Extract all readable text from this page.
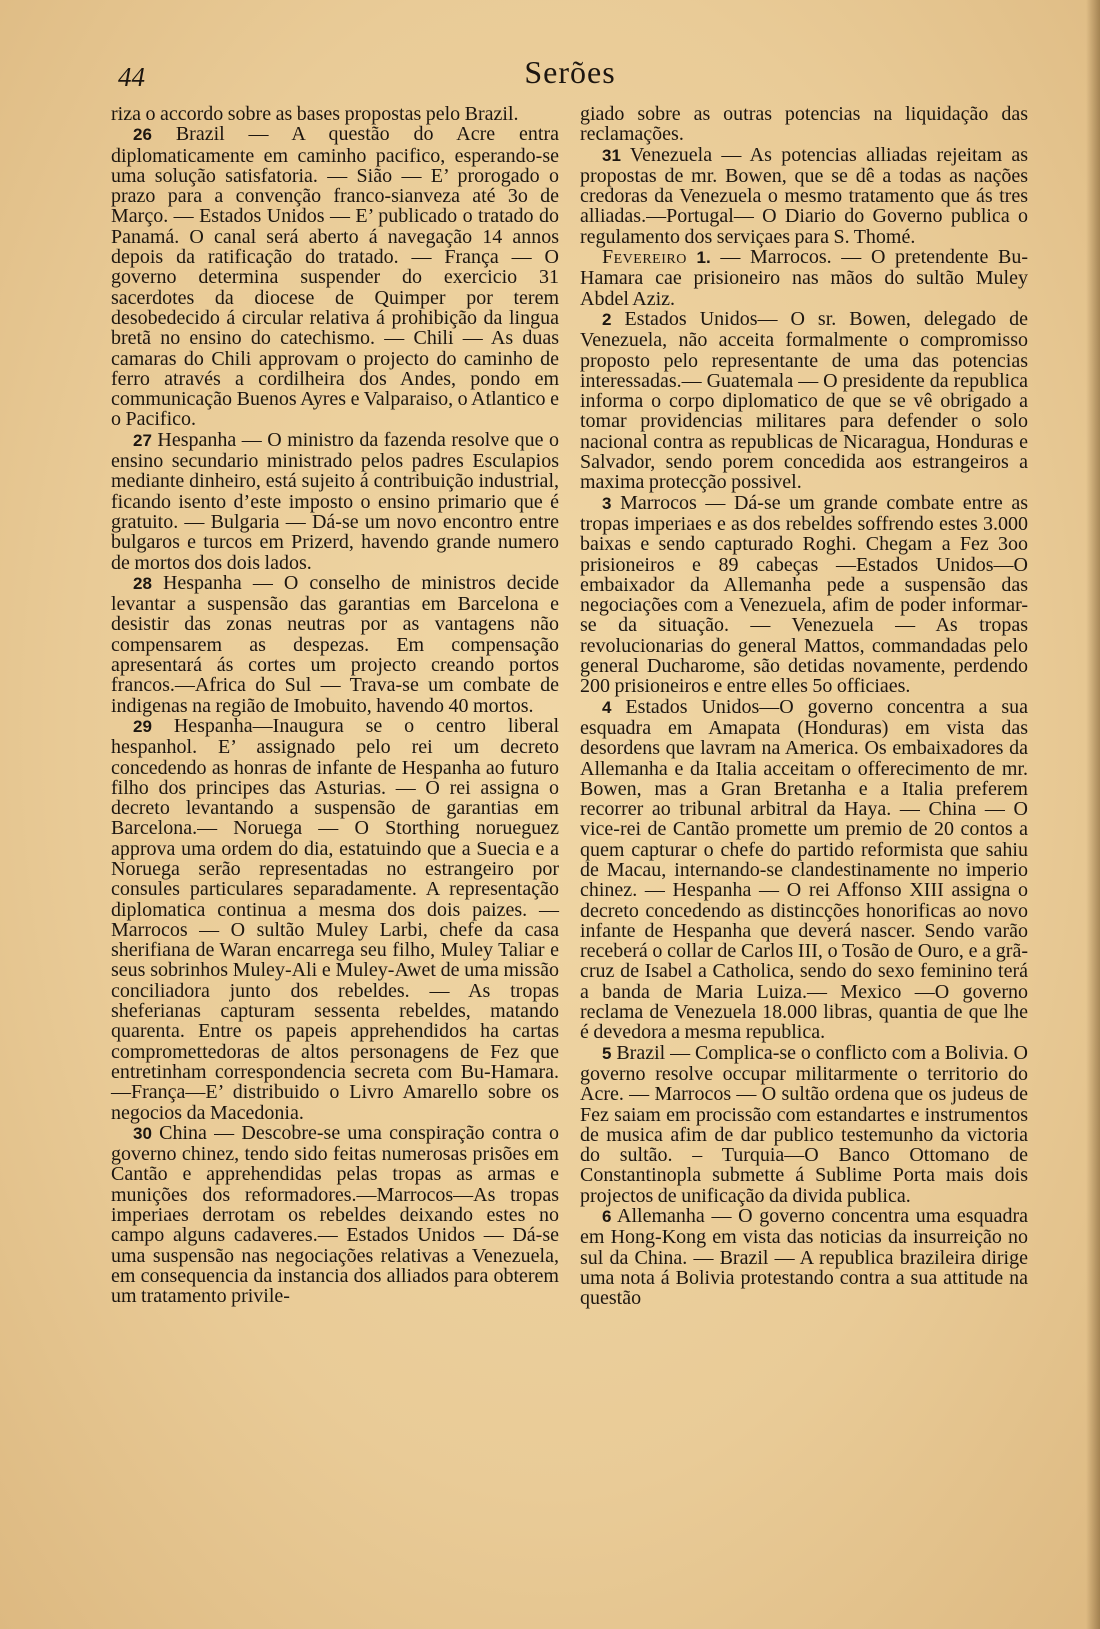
44	Serões

riza o accordo sobre as bases propostas pelo Brazil.

26 Brazil — A questão do Acre entra diplomaticamente em caminho pacifico, esperando-se uma solução satisfatoria. — Sião — E’ prorogado o prazo para a convenção franco-sianveza até 3o de Março. — Estados Unidos — E’ publicado o tratado do Panamá. O canal será aberto á navegação 14 annos depois da ratificação do tratado. — França — O governo determina suspender do exercicio 31 sacerdotes da diocese de Quimper por terem desobedecido á circular relativa á prohibição da lingua bretã no ensino do catechismo. — Chili — As duas camaras do Chili approvam o projecto do caminho de ferro através a cordilheira dos Andes, pondo em communicação Buenos Ayres e Valparaiso, o Atlantico e o Pacifico.

27 Hespanha — O ministro da fazenda resolve que o ensino secundario ministrado pelos padres Esculapios mediante dinheiro, está sujeito á contribuição industrial, ficando isento d’este imposto o ensino primario que é gratuito. — Bulgaria — Dá-se um novo encontro entre bulgaros e turcos em Prizerd, havendo grande numero de mortos dos dois lados.

28 Hespanha — O conselho de ministros decide levantar a suspensão das garantias em Barcelona e desistir das zonas neutras por as vantagens não compensarem as despezas. Em compensação apresentará ás cortes um projecto creando portos francos.—Africa do Sul — Trava-se um combate de indigenas na região de Imobuito, havendo 40 mortos.

29 Hespanha—Inaugura se o centro liberal hespanhol. E’ assignado pelo rei um decreto concedendo as honras de infante de Hespanha ao futuro filho dos principes das Asturias. — O rei assigna o decreto levantando a suspensão de garantias em Barcelona.— Noruega — O Storthing norueguez approva uma ordem do dia, estatuindo que a Suecia e a Noruega serão representadas no estrangeiro por consules particulares separadamente. A representação diplomatica continua a mesma dos dois paizes. — Marrocos — O sultão Muley Larbi, chefe da casa sherifiana de Waran encarrega seu filho, Muley Taliar e seus sobrinhos Muley-Ali e Muley-Awet de uma missão conciliadora junto dos rebeldes. — As tropas sheferianas capturam sessenta rebeldes, matando quarenta. Entre os papeis apprehendidos ha cartas compromettedoras de altos personagens de Fez que entretinham correspondencia secreta com Bu-Hamara.—França—E’ distribuido o Livro Amarello sobre os negocios da Macedonia.

30 China — Descobre-se uma conspiração contra o governo chinez, tendo sido feitas numerosas prisões em Cantão e apprehendidas pelas tropas as armas e munições dos reformadores.—Marrocos—As tropas imperiaes derrotam os rebeldes deixando estes no campo alguns cadaveres.— Estados Unidos — Dá-se uma suspensão nas negociações relativas a Venezuela, em consequencia da instancia dos alliados para obterem um tratamento privile-

giado sobre as outras potencias na liquidação das reclamações.

31 Venezuela — As potencias alliadas rejeitam as propostas de mr. Bowen, que se dê a todas as nações credoras da Venezuela o mesmo tratamento que ás tres alliadas.—Portugal— O Diario do Governo publica o regulamento dos serviçaes para S. Thomé.

Fevereiro 1. — Marrocos. — O pretendente Bu-Hamara cae prisioneiro nas mãos do sultão Muley Abdel Aziz.

2 Estados Unidos— O sr. Bowen, delegado de Venezuela, não acceita formalmente o compromisso proposto pelo representante de uma das potencias interessadas.— Guatemala — O presidente da republica informa o corpo diplomatico de que se vê obrigado a tomar providencias militares para defender o solo nacional contra as republicas de Nicaragua, Honduras e Salvador, sendo porem concedida aos estrangeiros a maxima protecção possivel.

3 Marrocos — Dá-se um grande combate entre as tropas imperiaes e as dos rebeldes soffrendo estes 3.000 baixas e sendo capturado Roghi. Chegam a Fez 3oo prisioneiros e 89 cabeças —Estados Unidos—O embaixador da Allemanha pede a suspensão das negociações com a Venezuela, afim de poder informar-se da situação. — Venezuela — As tropas revolucionarias do general Mattos, commandadas pelo general Ducharome, são detidas novamente, perdendo 200 prisioneiros e entre elles 5o officiaes.

4 Estados Unidos—O governo concentra a sua esquadra em Amapata (Honduras) em vista das desordens que lavram na America. Os embaixadores da Allemanha e da Italia acceitam o offerecimento de mr. Bowen, mas a Gran Bretanha e a Italia preferem recorrer ao tribunal arbitral da Haya. — China — O vice-rei de Cantão promette um premio de 20 contos a quem capturar o chefe do partido reformista que sahiu de Macau, internando-se clandestinamente no imperio chinez. — Hespanha — O rei Affonso XIII assigna o decreto concedendo as distincções honorificas ao novo infante de Hespanha que deverá nascer. Sendo varão receberá o collar de Carlos III, o Tosão de Ouro, e a grã-cruz de Isabel a Catholica, sendo do sexo feminino terá a banda de Maria Luiza.— Mexico —O governo reclama de Venezuela 18.000 libras, quantia de que lhe é devedora a mesma republica.

5 Brazil — Complica-se o conflicto com a Bolivia. O governo resolve occupar militarmente o territorio do Acre. — Marrocos — O sultão ordena que os judeus de Fez saiam em procissão com estandartes e instrumentos de musica afim de dar publico testemunho da victoria do sultão. – Turquia—O Banco Ottomano de Constantinopla submette á Sublime Porta mais dois projectos de unificação da divida publica.

6 Allemanha — O governo concentra uma esquadra em Hong-Kong em vista das noticias da insurreição no sul da China. — Brazil — A republica brazileira dirige uma nota á Bolivia protestando contra a sua attitude na questão
